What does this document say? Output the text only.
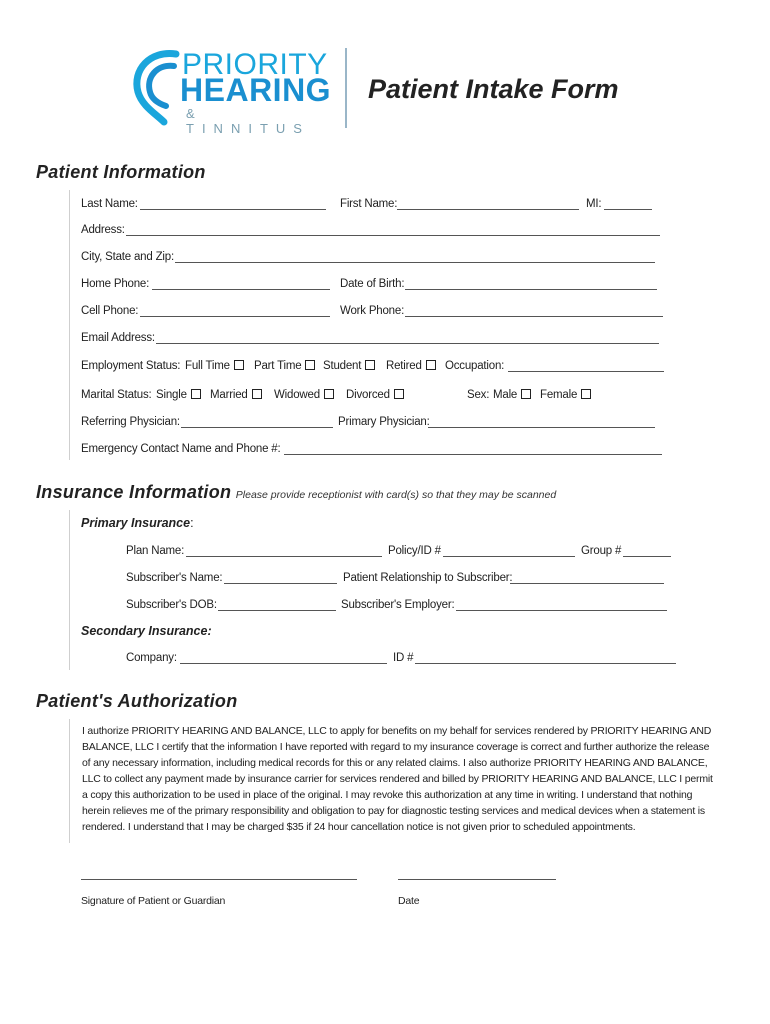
PRIORITY
HEARING
& TINNITUS
Patient Intake Form
Patient Information
Last Name:	First Name:	MI:
Address:
City, State and Zip:
Home Phone:	Date of Birth:
Cell Phone:	Work Phone:
Email Address:
Employment Status: Full Time	Part Time	Student	Retired	Occupation:
Marital Status: Single	Married	Widowed	Divorced	Sex: Male	Female
Referring Physician:	Primary Physician:
Emergency Contact Name and Phone #:
Insurance Information Please provide receptionist with card(s) so that they may be scanned
Primary Insurance:
Plan Name:	Policy/ID #	Group #
Subscriber's Name:	Patient Relationship to Subscriber:
Subscriber's DOB:	Subscriber's Employer:
Secondary Insurance:
Company:	ID #
Patient's Authorization
I authorize PRIORITY HEARING AND BALANCE, LLC to apply for benefits on my behalf for services rendered by PRIORITY HEARING AND BALANCE, LLC I certify that the information I have reported with regard to my insurance coverage is correct and further authorize the release of any necessary information, including medical records for this or any related claims. I also authorize PRIORITY HEARING AND BALANCE, LLC to collect any payment made by insurance carrier for services rendered and billed by PRIORITY HEARING AND BALANCE, LLC I permit a copy this authorization to be used in place of the original. I may revoke this authorization at any time in writing. I understand that nothing herein relieves me of the primary responsibility and obligation to pay for diagnostic testing services and medical devices when a statement is rendered. I understand that I may be charged $35 if 24 hour cancellation notice is not given prior to scheduled appointments.
Signature of Patient or Guardian	Date
